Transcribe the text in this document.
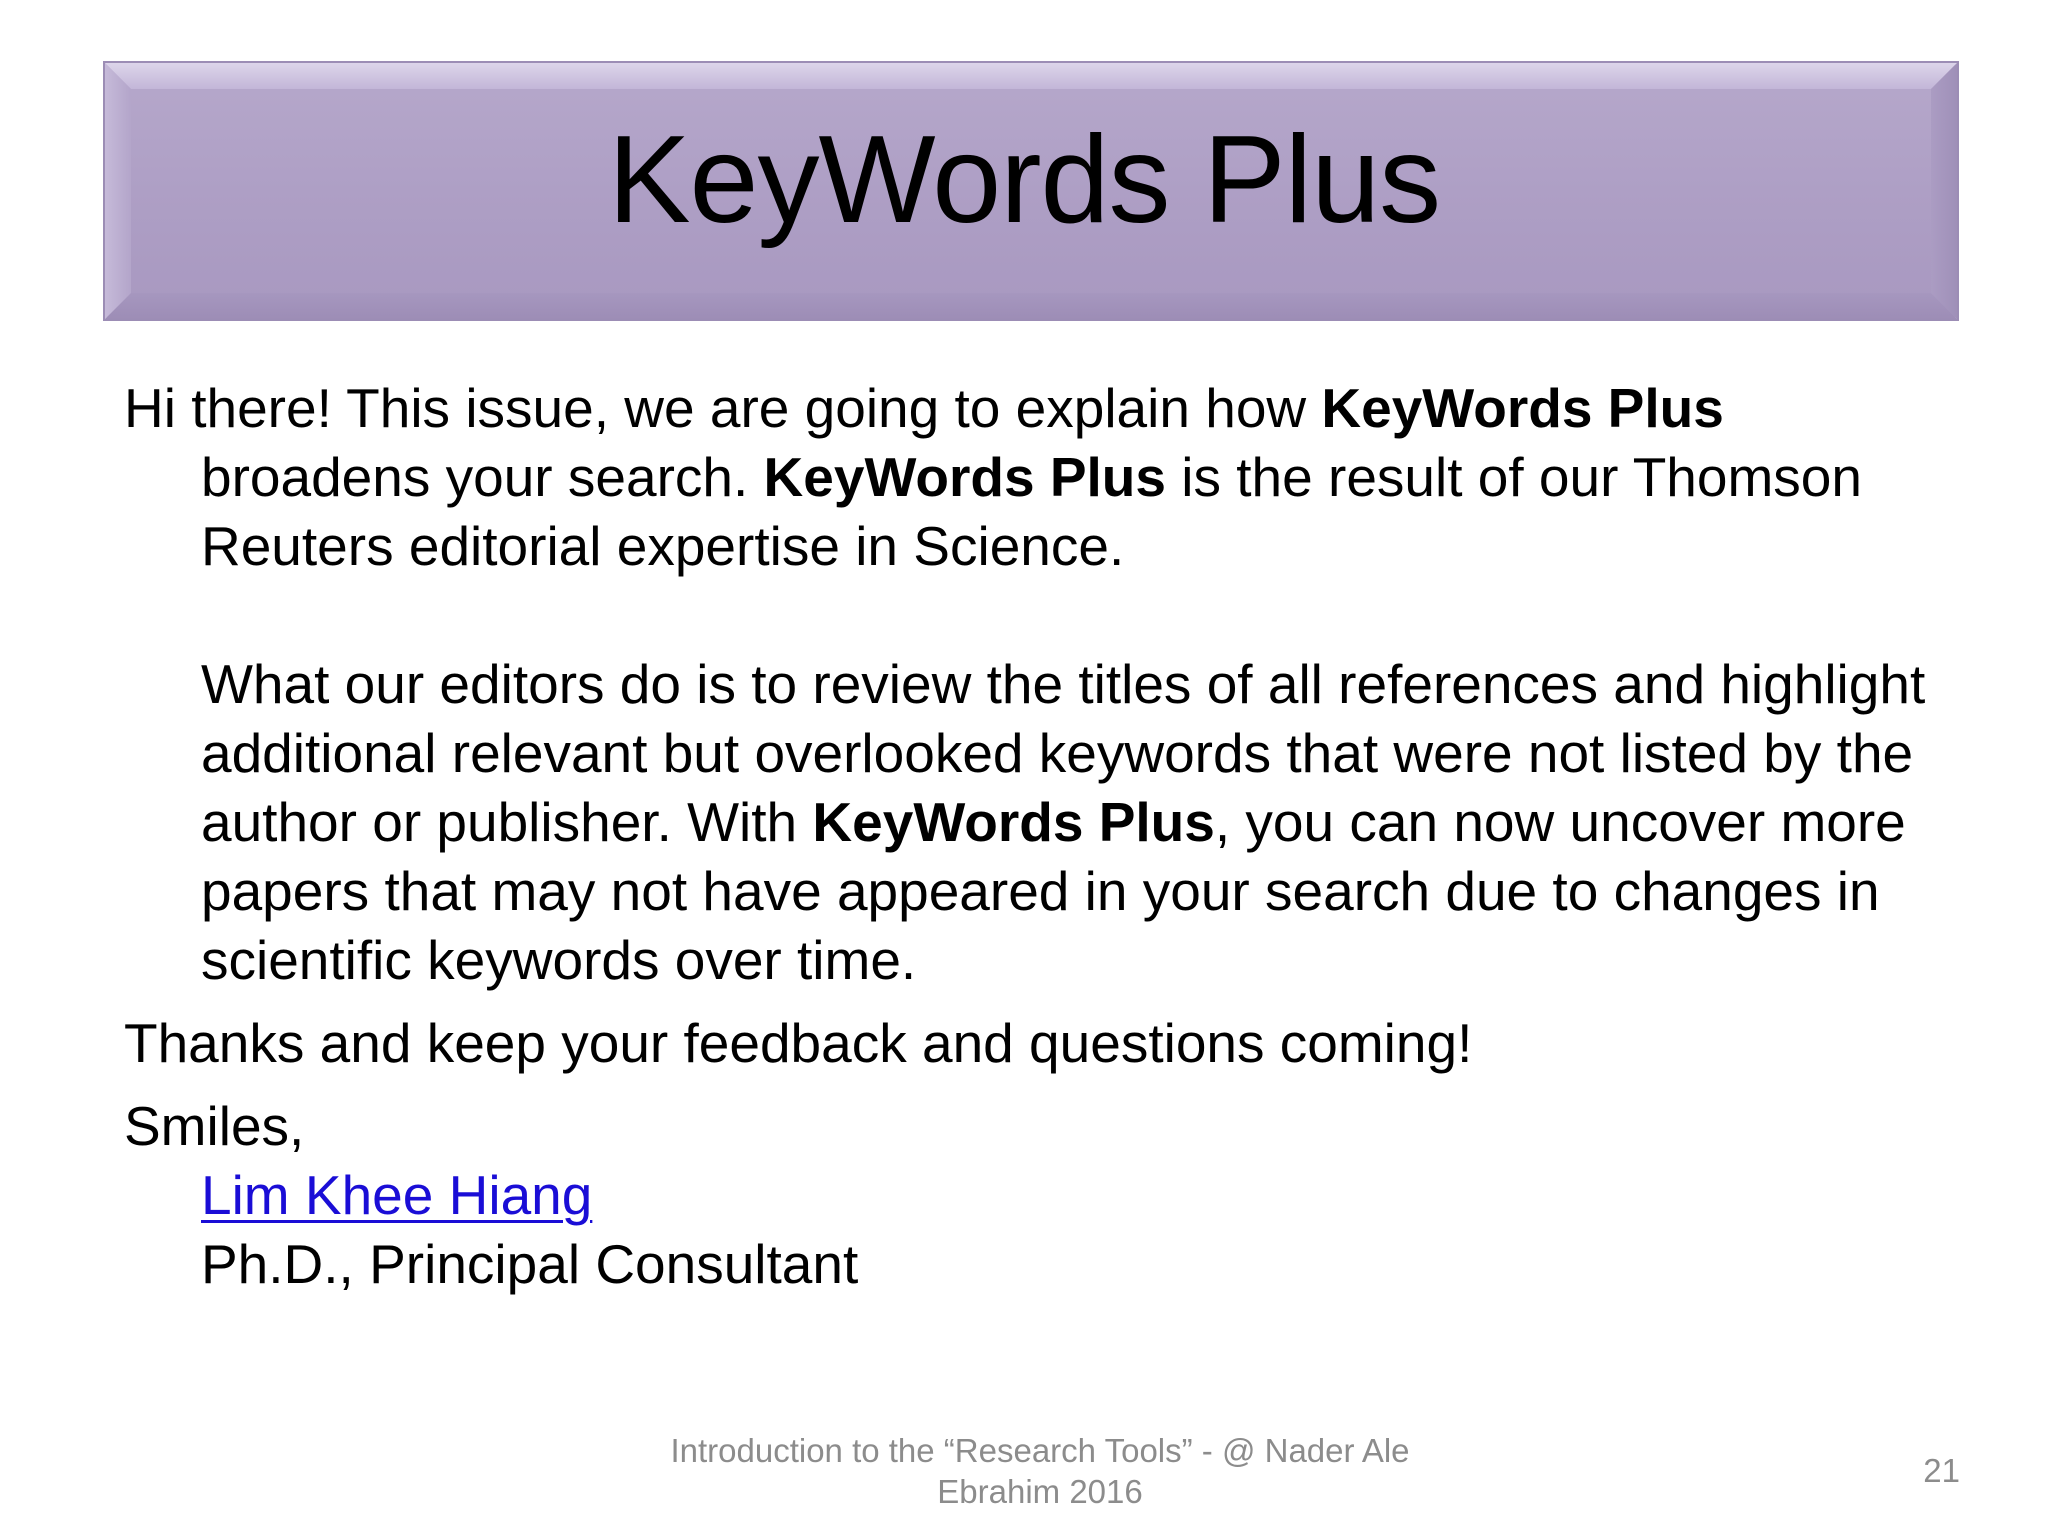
KeyWords Plus

Hi there! This issue, we are going to explain how KeyWords Plus broadens your search. KeyWords Plus is the result of our Thomson Reuters editorial expertise in Science.

What our editors do is to review the titles of all references and highlight additional relevant but overlooked keywords that were not listed by the author or publisher. With KeyWords Plus, you can now uncover more papers that may not have appeared in your search due to changes in scientific keywords over time.

Thanks and keep your feedback and questions coming!

Smiles,

Lim Khee Hiang

Ph.D., Principal Consultant

Introduction to the “Research Tools” - @ Nader Ale
Ebrahim 2016
21
